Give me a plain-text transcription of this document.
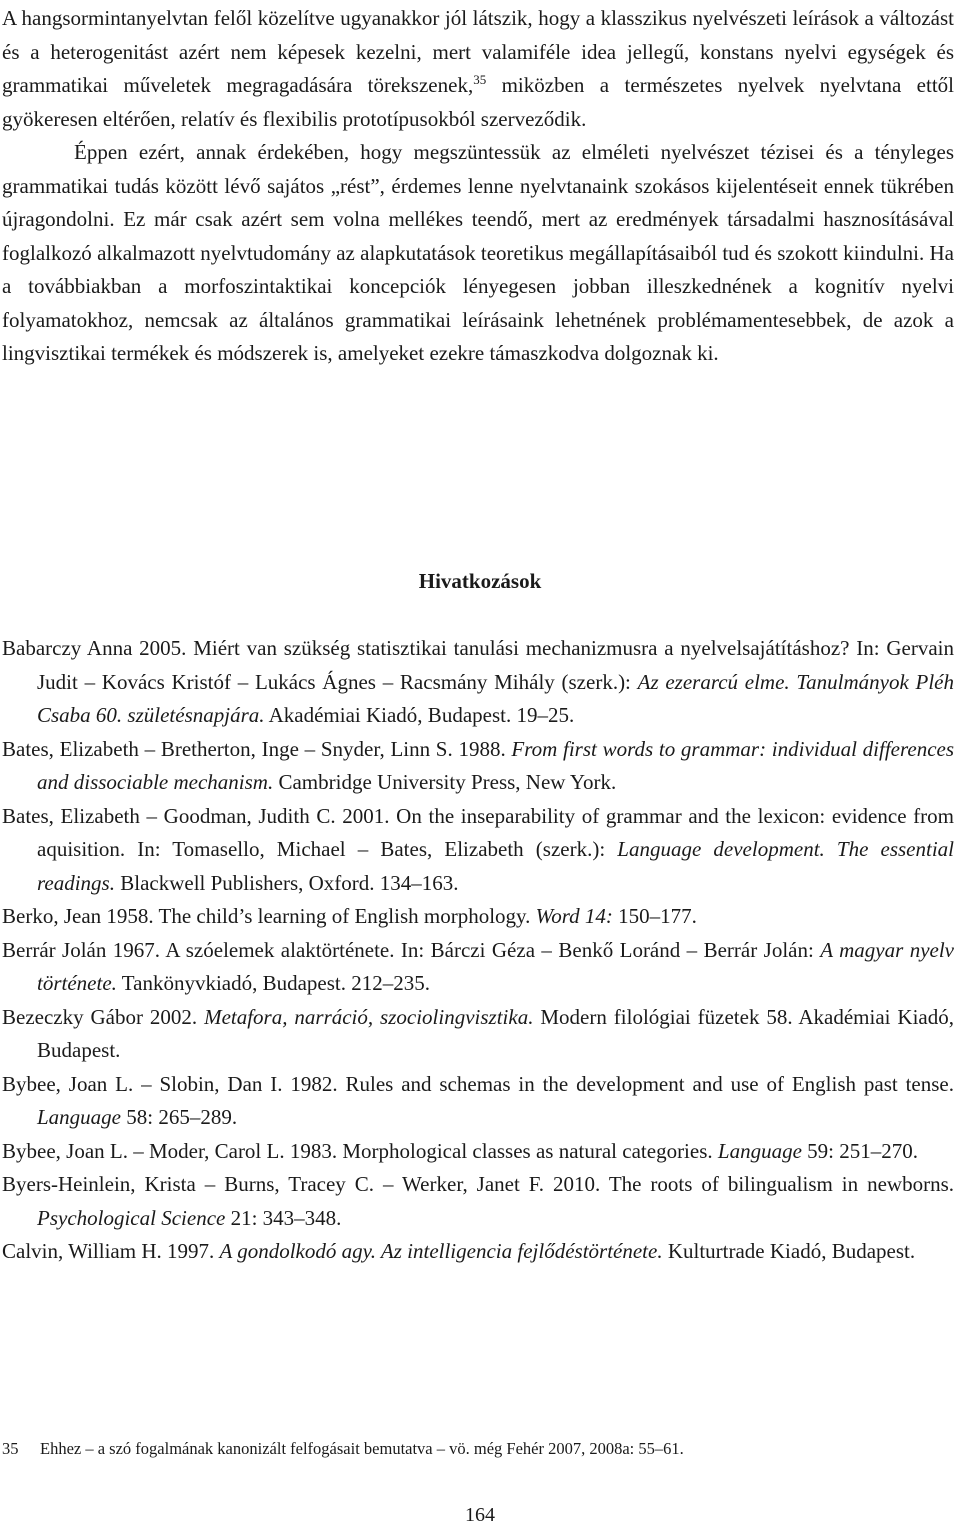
A hangsormintanyelvtan felől közelítve ugyanakkor jól látszik, hogy a klasszikus nyelvészeti leírások a változást és a heterogenitást azért nem képesek kezelni, mert valamiféle idea jellegű, konstans nyelvi egységek és grammatikai műveletek megragadására törekszenek,$^{35}$ miközben a természetes nyelvek nyelvtana ettől gyökeresen eltérően, relatív és flexibilis prototípusokból szerveződik.

Éppen ezért, annak érdekében, hogy megszüntessük az elméleti nyelvészet tézisei és a tényleges grammatikai tudás között lévő sajátos „rést”, érdemes lenne nyelvtanaink szokásos kijelentéseit ennek tükrében újragondolni. Ez már csak azért sem volna mellékes teendő, mert az eredmények társadalmi hasznosításával foglalkozó alkalmazott nyelvtudomány az alapkutatások teoretikus megállapításaiból tud és szokott kiindulni. Ha a továbbiakban a morfoszintaktikai koncepciók lényegesen jobban illeszkednének a kognitív nyelvi folyamatokhoz, nemcsak az általános grammatikai leírásaink lehetnének problémamentesebbek, de azok a lingvisztikai termékek és módszerek is, amelyeket ezekre támaszkodva dolgoznak ki.

Hivatkozások

Babarczy Anna 2005. Miért van szükség statisztikai tanulási mechanizmusra a nyelvelsajátításhoz? In: Gervain Judit – Kovács Kristóf – Lukács Ágnes – Racsmány Mihály (szerk.): Az ezerarcú elme. Tanulmányok Pléh Csaba 60. születésnapjára. Akadémiai Kiadó, Budapest. 19–25.

Bates, Elizabeth – Bretherton, Inge – Snyder, Linn S. 1988. From first words to grammar: individual differences and dissociable mechanism. Cambridge University Press, New York.

Bates, Elizabeth – Goodman, Judith C. 2001. On the inseparability of grammar and the lexicon: evidence from aquisition. In: Tomasello, Michael – Bates, Elizabeth (szerk.): Language development. The essential readings. Blackwell Publishers, Oxford. 134–163.

Berko, Jean 1958. The child’s learning of English morphology. Word 14: 150–177.

Berrár Jolán 1967. A szóelemek alaktörténete. In: Bárczi Géza – Benkő Loránd – Berrár Jolán: A magyar nyelv története. Tankönyvkiadó, Budapest. 212–235.

Bezeczky Gábor 2002. Metafora, narráció, szociolingvisztika. Modern filológiai füzetek 58. Akadémiai Kiadó, Budapest.

Bybee, Joan L. – Slobin, Dan I. 1982. Rules and schemas in the development and use of English past tense. Language 58: 265–289.

Bybee, Joan L. – Moder, Carol L. 1983. Morphological classes as natural categories. Language 59: 251–270.

Byers-Heinlein, Krista – Burns, Tracey C. – Werker, Janet F. 2010. The roots of bilingualism in newborns. Psychological Science 21: 343–348.

Calvin, William H. 1997. A gondolkodó agy. Az intelligencia fejlődéstörténete. Kulturtrade Kiadó, Budapest.

35 Ehhez – a szó fogalmának kanonizált felfogásait bemutatva – vö. még Fehér 2007, 2008a: 55–61.
164
